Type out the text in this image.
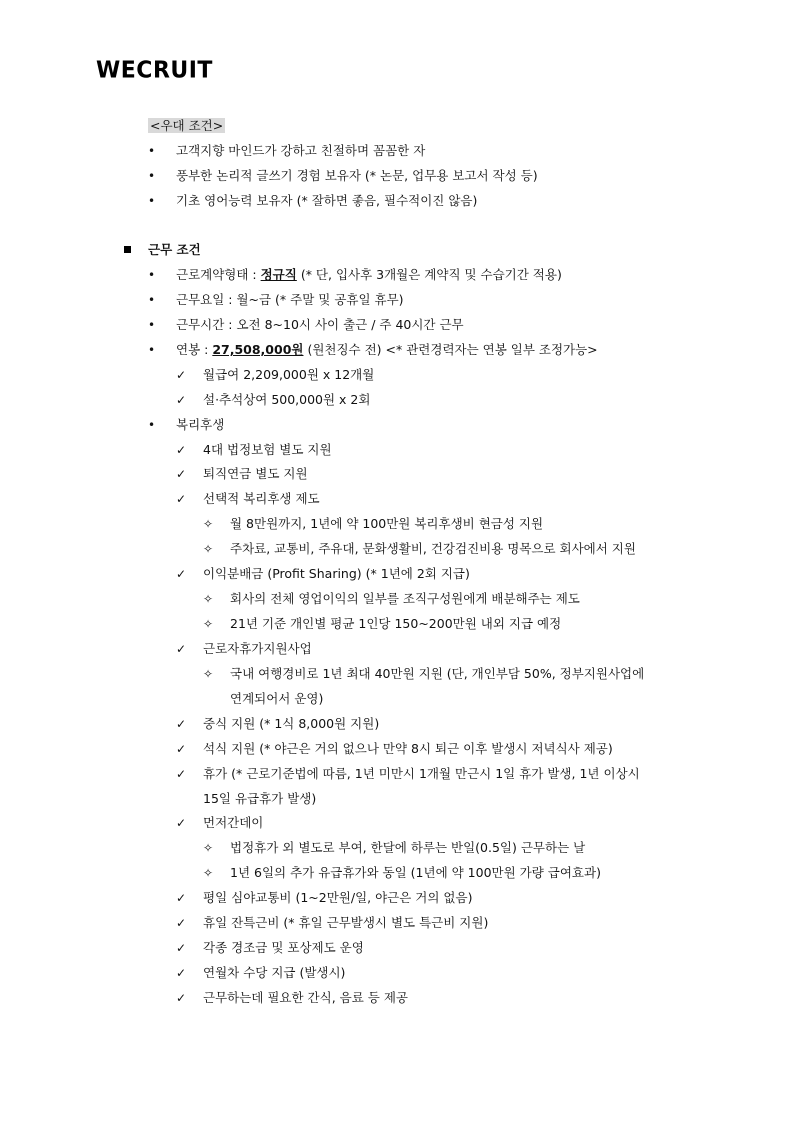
WECRUIT
<우대 조건>
• 고객지향 마인드가 강하고 친절하며 꼼꼼한 자
• 풍부한 논리적 글쓰기 경험 보유자 (* 논문, 업무용 보고서 작성 등)
• 기초 영어능력 보유자 (* 잘하면 좋음, 필수적이진 않음)
근무 조건
• 근로계약형태 : 정규직 (* 단, 입사후 3개월은 계약직 및 수습기간 적용)
• 근무요일 : 월~금 (* 주말 및 공휴일 휴무)
• 근무시간 : 오전 8~10시 사이 출근 / 주 40시간 근무
• 연봉 : 27,508,000원 (원천징수 전) <* 관련경력자는 연봉 일부 조정가능>
✓ 월급여 2,209,000원 x 12개월
✓ 설·추석상여 500,000원 x 2회
• 복리후생
✓ 4대 법정보험 별도 지원
✓ 퇴직연금 별도 지원
✓ 선택적 복리후생 제도
✧ 월 8만원까지, 1년에 약 100만원 복리후생비 현금성 지원
✧ 주차료, 교통비, 주유대, 문화생활비, 건강검진비용 명목으로 회사에서 지원
✓ 이익분배금 (Profit Sharing) (* 1년에 2회 지급)
✧ 회사의 전체 영업이익의 일부를 조직구성원에게 배분해주는 제도
✧ 21년 기준 개인별 평균 1인당 150~200만원 내외 지급 예정
✓ 근로자휴가지원사업
✧ 국내 여행경비로 1년 최대 40만원 지원 (단, 개인부담 50%, 정부지원사업에
연계되어서 운영)
✓ 중식 지원 (* 1식 8,000원 지원)
✓ 석식 지원 (* 야근은 거의 없으나 만약 8시 퇴근 이후 발생시 저녁식사 제공)
✓ 휴가 (* 근로기준법에 따름, 1년 미만시 1개월 만근시 1일 휴가 발생, 1년 이상시
15일 유급휴가 발생)
✓ 먼저간데이
✧ 법정휴가 외 별도로 부여, 한달에 하루는 반일(0.5일) 근무하는 날
✧ 1년 6일의 추가 유급휴가와 동일 (1년에 약 100만원 가량 급여효과)
✓ 평일 심야교통비 (1~2만원/일, 야근은 거의 없음)
✓ 휴일 잔특근비 (* 휴일 근무발생시 별도 특근비 지원)
✓ 각종 경조금 및 포상제도 운영
✓ 연월차 수당 지급 (발생시)
✓ 근무하는데 필요한 간식, 음료 등 제공
